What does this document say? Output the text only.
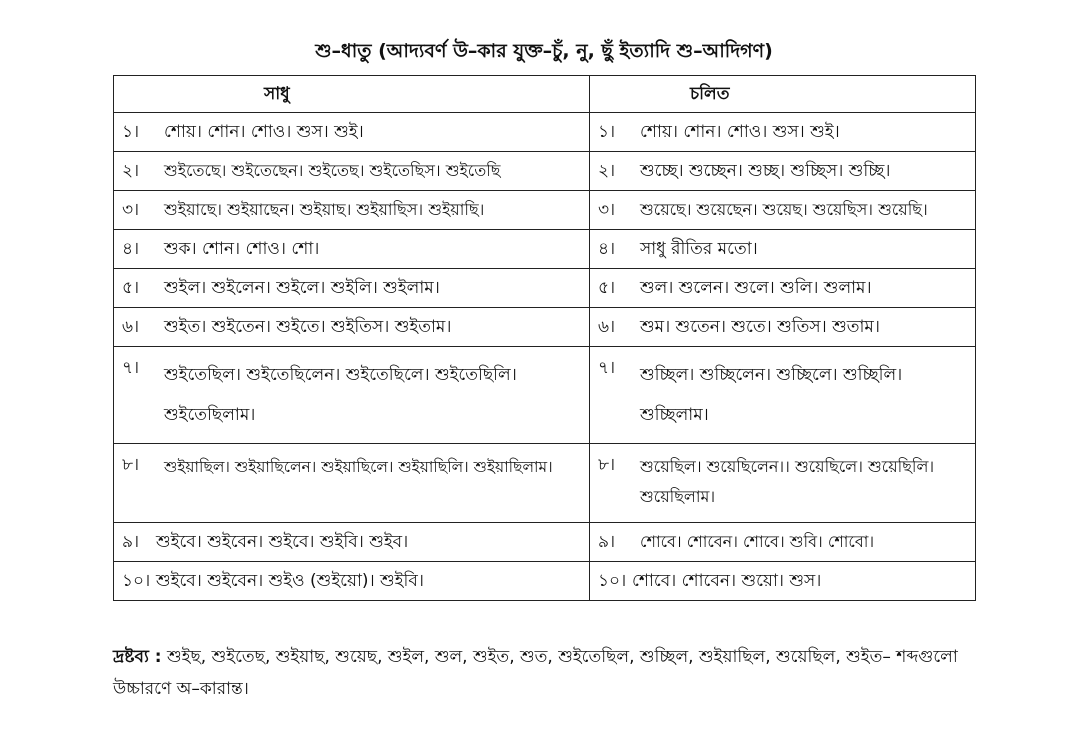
শু–ধাতু (আদ্যবর্ণ উ–কার যুক্ত–চুঁ, নু, ছুঁ ইত্যাদি শু–আদিগণ)
সাধু	চলিত

১। শোয়। শোন। শোও। শুস। শুই।	১। শোয়। শোন। শোও। শুস। শুই।

২। শুইতেছে। শুইতেছেন। শুইতেছ। শুইতেছিস। শুইতেছি	২। শুচ্ছে। শুচ্ছেন। শুচ্ছ। শুচ্ছিস। শুচ্ছি।

৩। শুইয়াছে। শুইয়াছেন। শুইয়াছ। শুইয়াছিস। শুইয়াছি।	৩। শুয়েছে। শুয়েছেন। শুয়েছ। শুয়েছিস। শুয়েছি।

৪। শুক। শোন। শোও। শো।	৪। সাধু রীতির মতো।

৫। শুইল। শুইলেন। শুইলে। শুইলি। শুইলাম।	৫। শুল। শুলেন। শুলে। শুলি। শুলাম।

৬। শুইত। শুইতেন। শুইতে। শুইতিস। শুইতাম।	৬। শুম। শুতেন। শুতে। শুতিস। শুতাম।

৭। শুইতেছিল। শুইতেছিলেন। শুইতেছিলে। শুইতেছিলি। শুইতেছিলাম।	৭। শুচ্ছিল। শুচ্ছিলেন। শুচ্ছিলে। শুচ্ছিলি। শুচ্ছিলাম।

৮। শুইয়াছিল। শুইয়াছিলেন। শুইয়াছিলে। শুইয়াছিলি। শুইয়াছিলাম।	৮। শুয়েছিল। শুয়েছিলেন।। শুয়েছিলে। শুয়েছিলি। শুয়েছিলাম।

৯। শুইবে। শুইবেন। শুইবে। শুইবি। শুইব।	৯। শোবে। শোবেন। শোবে। শুবি। শোবো।

১০। শুইবে। শুইবেন। শুইও (শুইয়ো)। শুইবি।	১০। শোবে। শোবেন। শুয়ো। শুস।
দ্রষ্টব্য : শুইছ, শুইতেছ, শুইয়াছ, শুয়েছ, শুইল, শুল, শুইত, শুত, শুইতেছিল, শুচ্ছিল, শুইয়াছিল, শুয়েছিল, শুইত– শব্দগুলো উচ্চারণে অ–কারান্ত।
